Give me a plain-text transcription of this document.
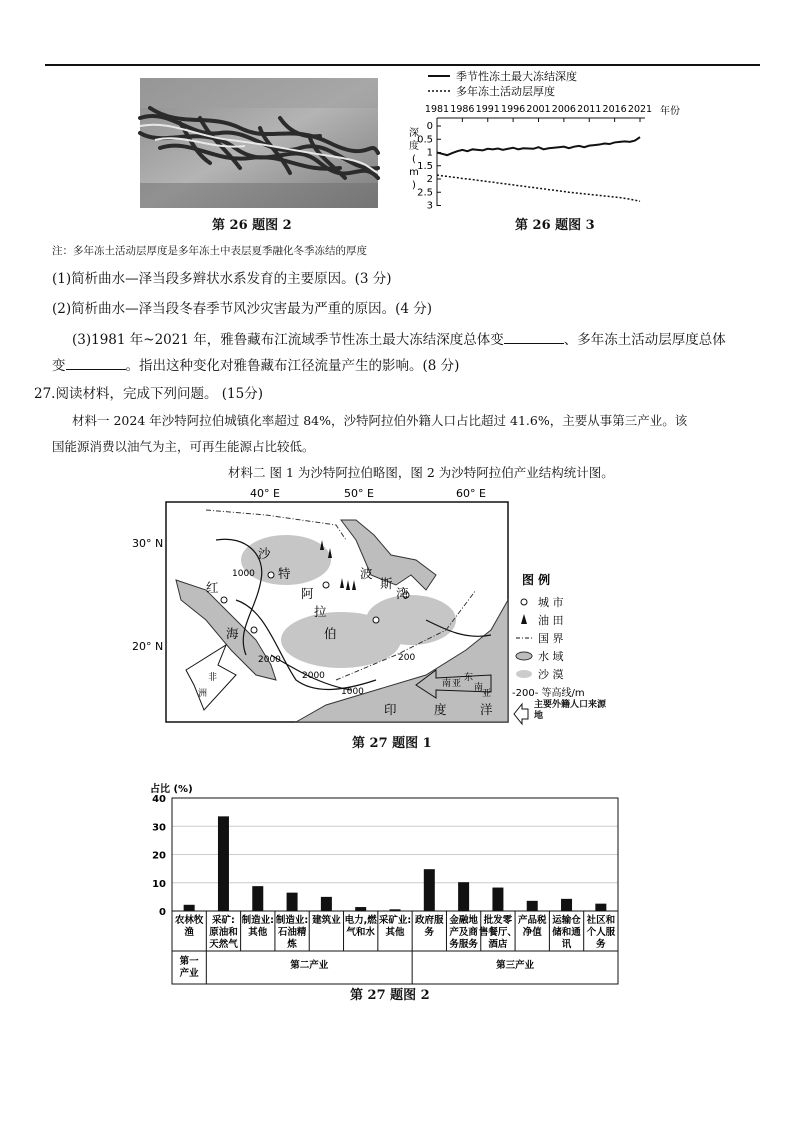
第 26 题图 2
季节性冻土最大冻结深度
多年冻土活动层厚度
1981 1986 1991 1996 2001 2006 2011 2016 2021 年份
深
度
(
m
)
0
0.5
1
1.5
2
2.5
3
第 26 题图 3
注：多年冻土活动层厚度是多年冻土中表层夏季融化冬季冻结的厚度
(1)简析曲水—泽当段多辫状水系发育的主要原因。(3 分)
(2)简析曲水—泽当段冬春季节风沙灾害最为严重的原因。(4 分)
(3)1981 年~2021 年，雅鲁藏布江流域季节性冻土最大冻结深度总体变	、多年冻土活动层厚度总体
变	。指出这种变化对雅鲁藏布江径流量产生的影响。(8 分)
27.阅读材料，完成下列问题。 (15分)
材料一 2024 年沙特阿拉伯城镇化率超过 84%，沙特阿拉伯外籍人口占比超过 41.6%，主要从事第三产业。该
国能源消费以油气为主，可再生能源占比较低。
材料二 图 1 为沙特阿拉伯略图，图 2 为沙特阿拉伯产业结构统计图。
40° E	50° E	60° E
30° N
20° N
沙
特
阿
拉
伯
红
海
波
斯
湾
印	度	洋
非
洲
南 亚
东
南
亚
1000
2000
2000
1000
200
图 例
城 市
油 田
国 界
水 域
沙 漠
-200- 等高线/m
主要外籍人口来源地
第 27 题图 1
占比 (%)
0
10
20
30
40
农林牧
渔
采矿:
原油和
天然气
制造业:
其他
制造业:
石油精
炼
建筑业 电力,燃
气和水
采矿业:
其他
政府服
务
金融地
产及商
务服务
批发零
售餐厅、
酒店
产品税
净值
运输仓
储和通
讯
社区和
个人服
务
第一
产业
第二产业	第三产业
第 27 题图 2
